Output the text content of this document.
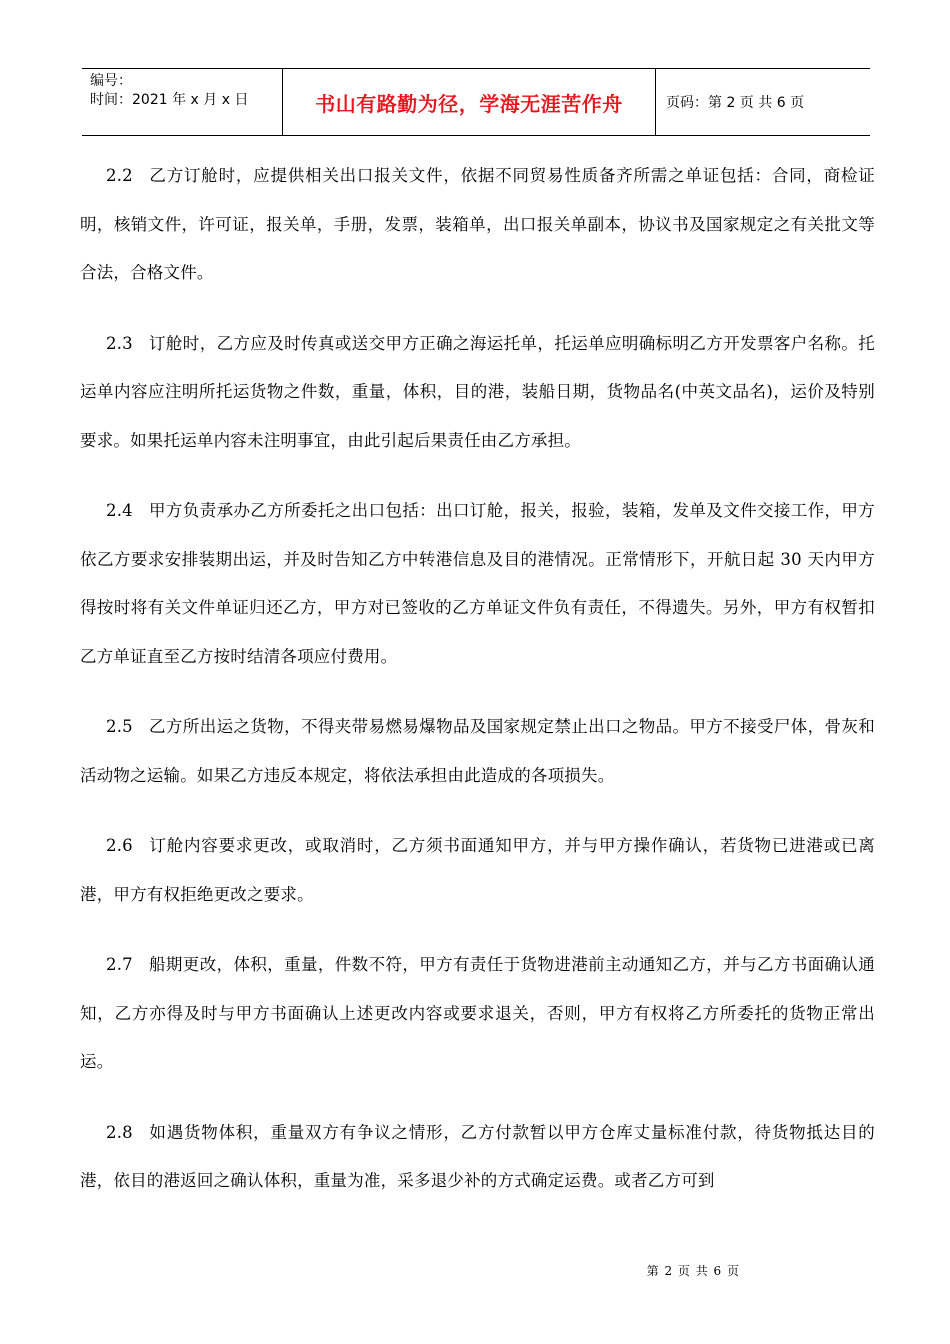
编号：
时间：2021 年 x 月 x 日	书山有路勤为径，学海无涯苦作舟	页码：第 2 页 共 6 页

2.2 乙方订舱时，应提供相关出口报关文件，依据不同贸易性质备齐所需之单证包括：合同，商检证明，核销文件，许可证，报关单，手册，发票，装箱单，出口报关单副本，协议书及国家规定之有关批文等合法，合格文件。

2.3 订舱时，乙方应及时传真或送交甲方正确之海运托单，托运单应明确标明乙方开发票客户名称。托运单内容应注明所托运货物之件数，重量，体积，目的港，装船日期，货物品名(中英文品名)，运价及特别要求。如果托运单内容未注明事宜，由此引起后果责任由乙方承担。

2.4 甲方负责承办乙方所委托之出口包括：出口订舱，报关，报验，装箱，发单及文件交接工作，甲方依乙方要求安排装期出运，并及时告知乙方中转港信息及目的港情况。正常情形下，开航日起 30 天内甲方得按时将有关文件单证归还乙方，甲方对已签收的乙方单证文件负有责任，不得遗失。另外，甲方有权暂扣乙方单证直至乙方按时结清各项应付费用。

2.5 乙方所出运之货物，不得夹带易燃易爆物品及国家规定禁止出口之物品。甲方不接受尸体，骨灰和活动物之运输。如果乙方违反本规定，将依法承担由此造成的各项损失。

2.6 订舱内容要求更改，或取消时，乙方须书面通知甲方，并与甲方操作确认，若货物已进港或已离港，甲方有权拒绝更改之要求。

2.7 船期更改，体积，重量，件数不符，甲方有责任于货物进港前主动通知乙方，并与乙方书面确认通知，乙方亦得及时与甲方书面确认上述更改内容或要求退关，否则，甲方有权将乙方所委托的货物正常出运。

2.8 如遇货物体积，重量双方有争议之情形，乙方付款暂以甲方仓库丈量标准付款，待货物抵达目的港，依目的港返回之确认体积，重量为准，采多退少补的方式确定运费。或者乙方可到

第 2 页 共 6 页
